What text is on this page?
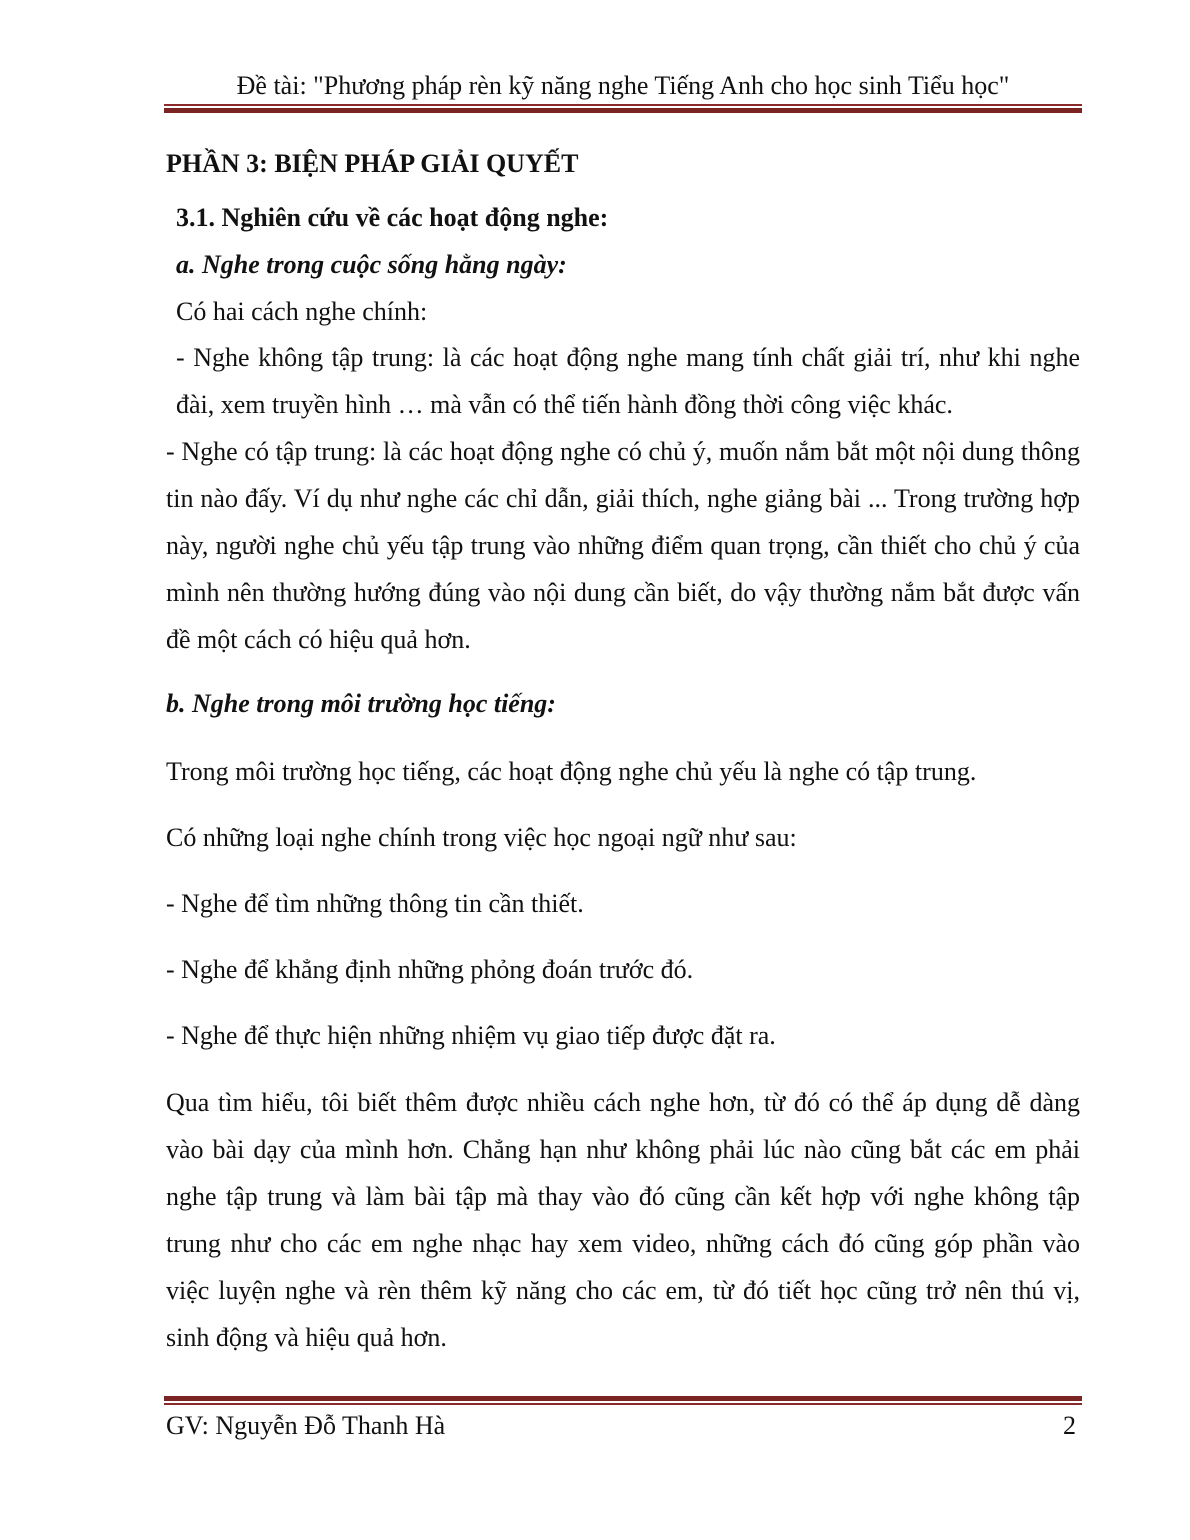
Đề tài: "Phương pháp rèn kỹ năng nghe Tiếng Anh cho học sinh Tiểu học"
PHẦN 3: BIỆN PHÁP GIẢI QUYẾT
3.1. Nghiên cứu về các hoạt động nghe:
a. Nghe trong cuộc sống hằng ngày:
Có hai cách nghe chính:
- Nghe không tập trung: là các hoạt động nghe mang tính chất giải trí, như khi nghe đài, xem truyền hình … mà vẫn có thể tiến hành đồng thời công việc khác.
- Nghe có tập trung: là các hoạt động nghe có chủ ý, muốn nắm bắt một nội dung thông tin nào đấy. Ví dụ như nghe các chỉ dẫn, giải thích, nghe giảng bài ... Trong trường hợp này, người nghe chủ yếu tập trung vào những điểm quan trọng, cần thiết cho chủ ý của mình nên thường hướng đúng vào nội dung cần biết, do vậy thường nắm bắt được vấn đề một cách có hiệu quả hơn.
b. Nghe trong môi trường học tiếng:
Trong môi trường học tiếng, các hoạt động nghe chủ yếu là nghe có tập trung.
Có những loại nghe chính trong việc học ngoại ngữ như sau:
- Nghe để tìm những thông tin cần thiết.
- Nghe để khẳng định những phỏng đoán trước đó.
- Nghe để thực hiện những nhiệm vụ giao tiếp được đặt ra.
Qua tìm hiểu, tôi biết thêm được nhiều cách nghe hơn, từ đó có thể áp dụng dễ dàng vào bài dạy của mình hơn. Chẳng hạn như không phải lúc nào cũng bắt các em phải nghe tập trung và làm bài tập mà thay vào đó cũng cần kết hợp với nghe không tập trung như cho các em nghe nhạc hay xem video, những cách đó cũng góp phần vào việc luyện nghe và rèn thêm kỹ năng cho các em, từ đó tiết học cũng trở nên thú vị, sinh động và hiệu quả hơn.
GV: Nguyễn Đỗ Thanh Hà	2
